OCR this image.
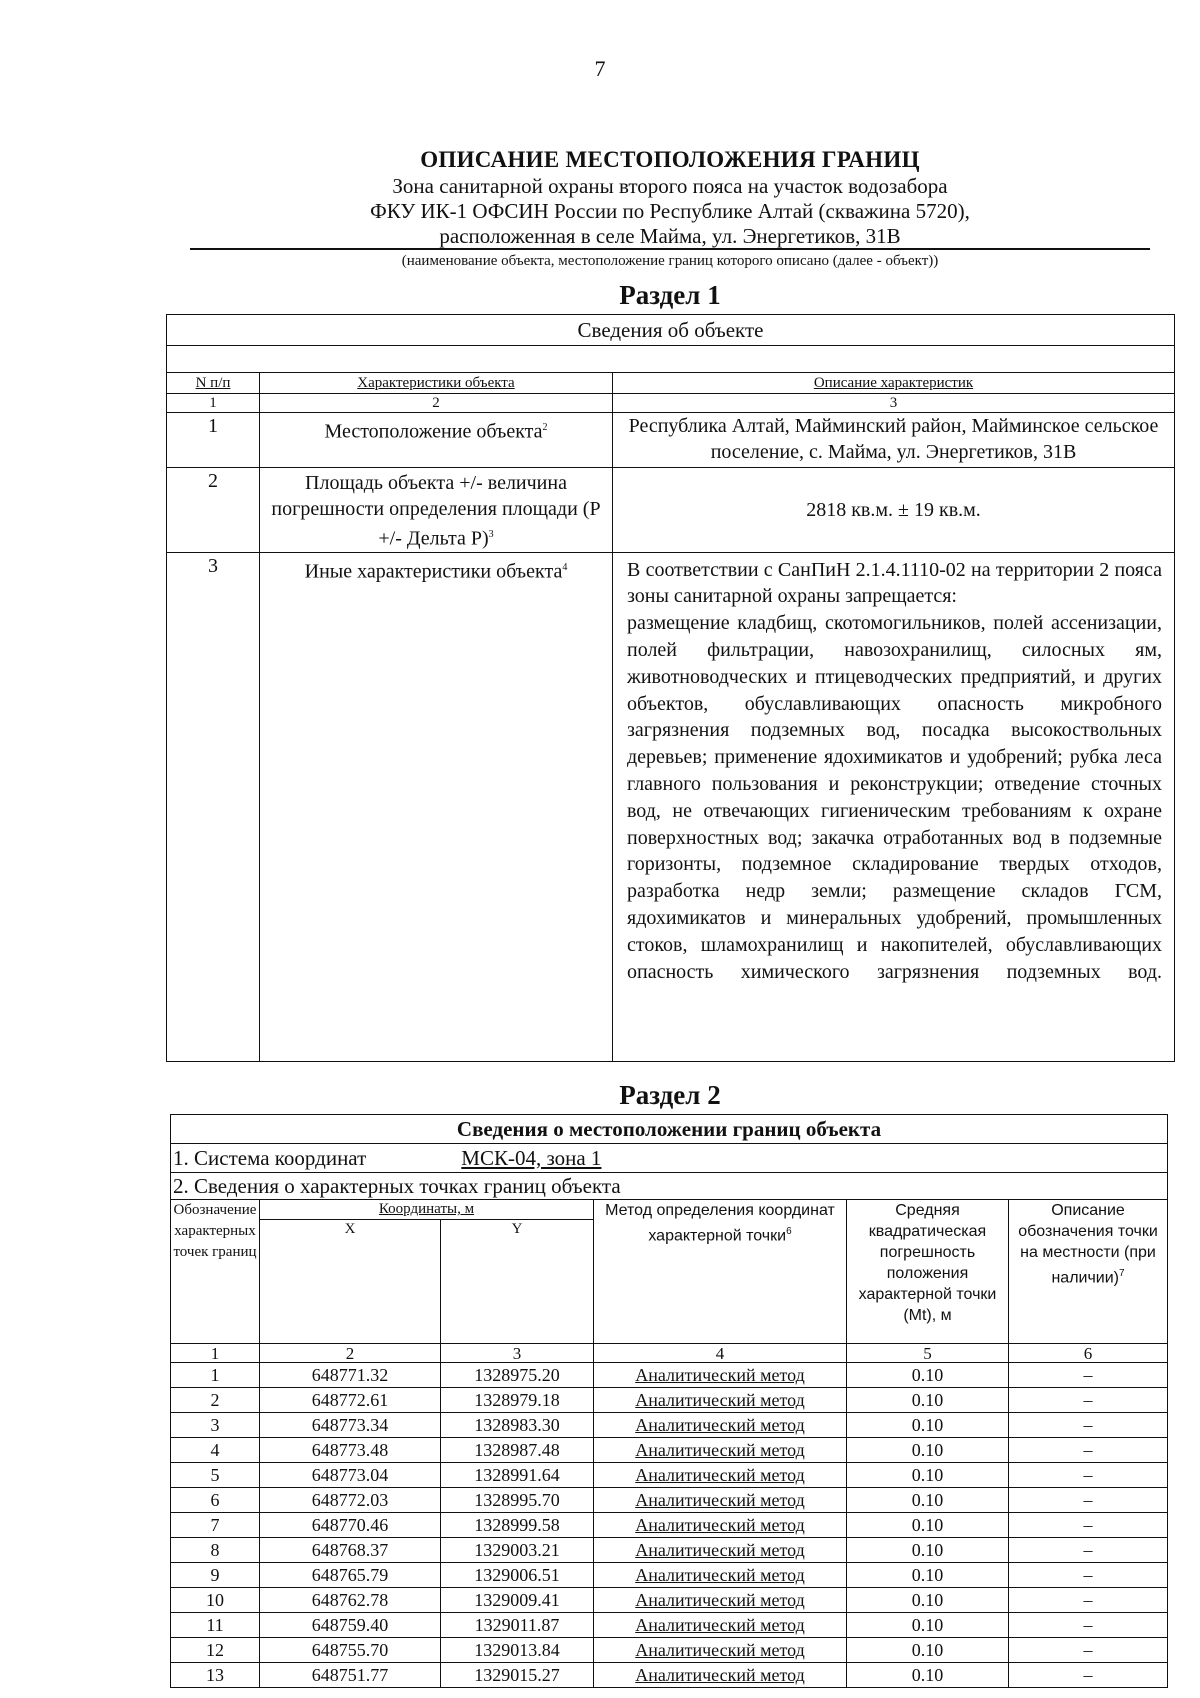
7
ОПИСАНИЕ МЕСТОПОЛОЖЕНИЯ ГРАНИЦ
Зона санитарной охраны второго пояса на участок водозабора
ФКУ ИК-1 ОФСИН России по Республике Алтай (скважина 5720),
расположенная в селе Майма, ул. Энергетиков, 31В
(наименование объекта, местоположение границ которого описано (далее - объект))
Раздел 1
Сведения об объекте		

N п/п	Характеристики объекта	Описание характеристик
1	2	3
1	Местоположение объекта$^2$	Республика Алтай, Майминский район, Майминское сельское поселение, с. Майма, ул. Энергетиков, 31В
2	Площадь объекта +/- величина погрешности определения площади (Р +/- Дельта Р)$^3$	2818 кв.м. ± 19 кв.м.
3	Иные характеристики объекта$^4$	В соответствии с СанПиН 2.1.4.1110-02 на территории 2 пояса зоны санитарной охраны запрещается:

размещение кладбищ, скотомогильников, полей ассенизации, полей фильтрации, навозохранилищ, силосных ям, животноводческих и птицеводческих предприятий, и других объектов, обуславливающих опасность микробного загрязнения подземных вод, посадка высокоствольных деревьев; применение ядохимикатов и удобрений; рубка леса главного пользования и реконструкции; отведение сточных вод, не отвечающих гигиеническим требованиям к охране поверхностных вод; закачка отработанных вод в подземные горизонты, подземное складирование твердых отходов, разработка недр земли; размещение складов ГСМ, ядохимикатов и минеральных удобрений, промышленных стоков, шламохранилищ и накопителей, обуславливающих опасность химического загрязнения подземных вод.

Раздел 2
Сведения о местоположении границ объекта					
1. Система координат МСК-04, зона 1					
2. Сведения о характерных точках границ объекта					
Обозначение характерных точек границ	Координаты, м		Метод определения координат характерной точки$^6$	Средняя квадратическая погрешность положения характерной точки (Mt), м	Описание обозначения точки на местности (при наличии)$^7$
	X	Y			
1	2	3	4	5	6
1	648771.32	1328975.20	Аналитический метод	0.10	–
2	648772.61	1328979.18	Аналитический метод	0.10	–
3	648773.34	1328983.30	Аналитический метод	0.10	–
4	648773.48	1328987.48	Аналитический метод	0.10	–
5	648773.04	1328991.64	Аналитический метод	0.10	–
6	648772.03	1328995.70	Аналитический метод	0.10	–
7	648770.46	1328999.58	Аналитический метод	0.10	–
8	648768.37	1329003.21	Аналитический метод	0.10	–
9	648765.79	1329006.51	Аналитический метод	0.10	–
10	648762.78	1329009.41	Аналитический метод	0.10	–
11	648759.40	1329011.87	Аналитический метод	0.10	–
12	648755.70	1329013.84	Аналитический метод	0.10	–
13	648751.77	1329015.27	Аналитический метод	0.10	–
